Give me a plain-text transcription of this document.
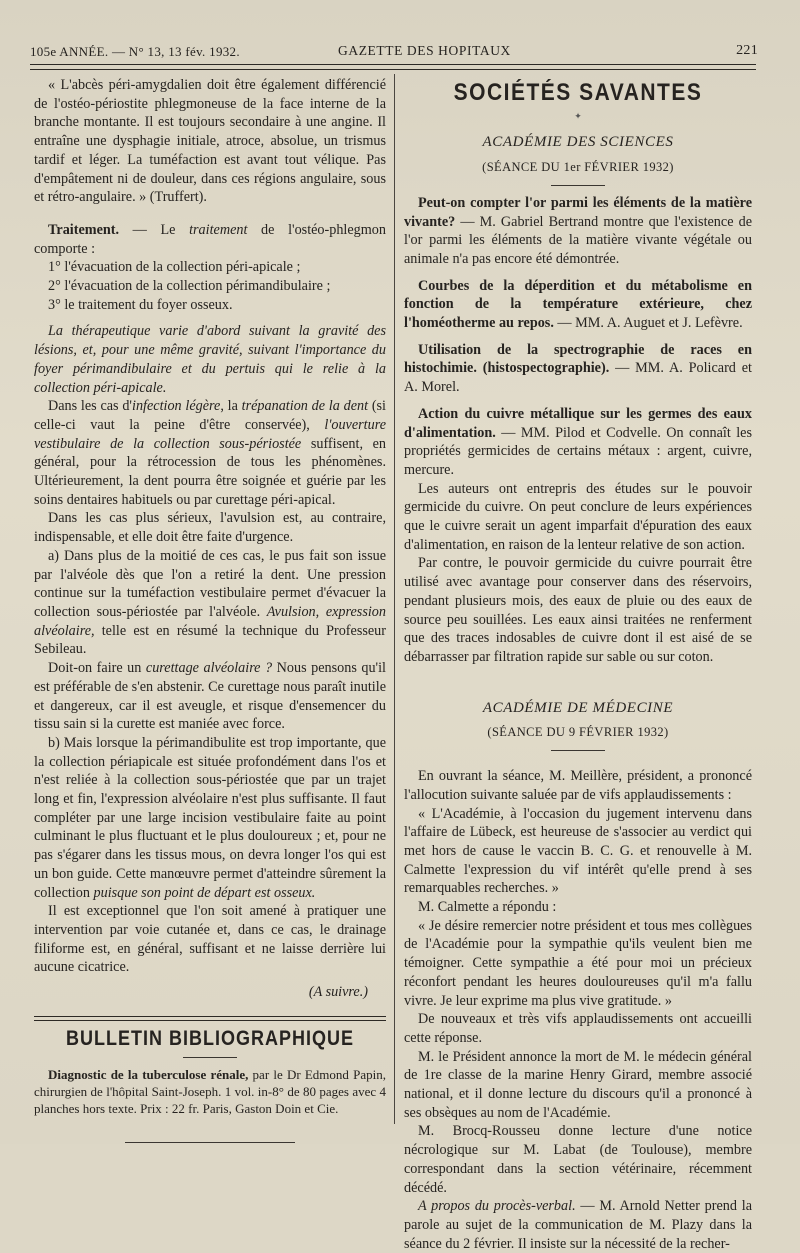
105e ANNÉE. — N° 13, 13 fév. 1932.	GAZETTE DES HOPITAUX	221

« L'abcès péri-amygdalien doit être également différencié de l'ostéo-périostite phlegmoneuse de la face interne de la branche montante. Il est toujours secondaire à une angine. Il entraîne une dysphagie initiale, atroce, absolue, un trismus tardif et léger. La tuméfaction est avant tout vélique. Pas d'empâtement ni de douleur, dans ces régions angulaire, sous et rétro-angulaire. » (Truffert).

Traitement. — Le traitement de l'ostéo-phlegmon comporte :

1° l'évacuation de la collection péri-apicale ;

2° l'évacuation de la collection périmandibulaire ;

3° le traitement du foyer osseux.

La thérapeutique varie d'abord suivant la gravité des lésions, et, pour une même gravité, suivant l'importance du foyer périmandibulaire et du pertuis qui le relie à la collection péri-apicale.

Dans les cas d'infection légère, la trépanation de la dent (si celle-ci vaut la peine d'être conservée), l'ouverture vestibulaire de la collection sous-périostée suffisent, en général, pour la rétrocession de tous les phénomènes. Ultérieurement, la dent pourra être soignée et guérie par les soins dentaires habituels ou par curettage péri-apical.

Dans les cas plus sérieux, l'avulsion est, au contraire, indispensable, et elle doit être faite d'urgence.

a) Dans plus de la moitié de ces cas, le pus fait son issue par l'alvéole dès que l'on a retiré la dent. Une pression continue sur la tuméfaction vestibulaire permet d'évacuer la collection sous-périostée par l'alvéole. Avulsion, expression alvéolaire, telle est en résumé la technique du Professeur Sebileau.

Doit-on faire un curettage alvéolaire ? Nous pensons qu'il est préférable de s'en abstenir. Ce curettage nous paraît inutile et dangereux, car il est aveugle, et risque d'ensemencer du tissu sain si la curette est maniée avec force.

b) Mais lorsque la périmandibulite est trop importante, que la collection périapicale est située profondément dans l'os et n'est reliée à la collection sous-périostée que par un trajet long et fin, l'expression alvéolaire n'est plus suffisante. Il faut compléter par une large incision vestibulaire faite au point culminant le plus fluctuant et le plus douloureux ; et, pour ne pas s'égarer dans les tissus mous, on devra longer l'os qui est un bon guide. Cette manœuvre permet d'atteindre sûrement la collection puisque son point de départ est osseux.

Il est exceptionnel que l'on soit amené à pratiquer une intervention par voie cutanée et, dans ce cas, le drainage filiforme est, en général, suffisant et ne laisse derrière lui aucune cicatrice.

(A suivre.)

BULLETIN BIBLIOGRAPHIQUE

Diagnostic de la tuberculose rénale, par le Dr Edmond Papin, chirurgien de l'hôpital Saint-Joseph. 1 vol. in-8° de 80 pages avec 4 planches hors texte. Prix : 22 fr. Paris, Gaston Doin et Cie.

SOCIÉTÉS SAVANTES

✦

ACADÉMIE DES SCIENCES

(SÉANCE DU 1er FÉVRIER 1932)

Peut-on compter l'or parmi les éléments de la matière vivante? — M. Gabriel Bertrand montre que l'existence de l'or parmi les éléments de la matière vivante végétale ou animale n'a pas encore été démontrée.

Courbes de la déperdition et du métabolisme en fonction de la température extérieure, chez l'homéotherme au repos. — MM. A. Auguet et J. Lefèvre.

Utilisation de la spectrographie de races en histochimie. (histospectographie). — MM. A. Policard et A. Morel.

Action du cuivre métallique sur les germes des eaux d'alimentation. — MM. Pilod et Codvelle. On connaît les propriétés germicides de certains métaux : argent, cuivre, mercure.

Les auteurs ont entrepris des études sur le pouvoir germicide du cuivre. On peut conclure de leurs expériences que le cuivre serait un agent imparfait d'épuration des eaux d'alimentation, en raison de la lenteur relative de son action.

Par contre, le pouvoir germicide du cuivre pourrait être utilisé avec avantage pour conserver dans des réservoirs, pendant plusieurs mois, des eaux de pluie ou des eaux de source peu souillées. Les eaux ainsi traitées ne renferment que des traces indosables de cuivre dont il est aisé de se débarrasser par filtration rapide sur sable ou sur coton.

ACADÉMIE DE MÉDECINE

(SÉANCE DU 9 FÉVRIER 1932)

En ouvrant la séance, M. Meillère, président, a prononcé l'allocution suivante saluée par de vifs applaudissements :

« L'Académie, à l'occasion du jugement intervenu dans l'affaire de Lübeck, est heureuse de s'associer au verdict qui met hors de cause le vaccin B. C. G. et renouvelle à M. Calmette l'expression du vif intérêt qu'elle prend à ses remarquables recherches. »

M. Calmette a répondu :

« Je désire remercier notre président et tous mes collègues de l'Académie pour la sympathie qu'ils veulent bien me témoigner. Cette sympathie a été pour moi un précieux réconfort pendant les heures douloureuses qu'il m'a fallu vivre. Je leur exprime ma plus vive gratitude. »

De nouveaux et très vifs applaudissements ont accueilli cette réponse.

M. le Président annonce la mort de M. le médecin général de 1re classe de la marine Henry Girard, membre associé national, et il donne lecture du discours qu'il a prononcé à ses obsèques au nom de l'Académie.

M. Brocq-Rousseu donne lecture d'une notice nécrologique sur M. Labat (de Toulouse), membre correspondant dans la section vétérinaire, récemment décédé.

A propos du procès-verbal. — M. Arnold Netter prend la parole au sujet de la communication de M. Plazy dans la séance du 2 février. Il insiste sur la nécessité de la recher-
